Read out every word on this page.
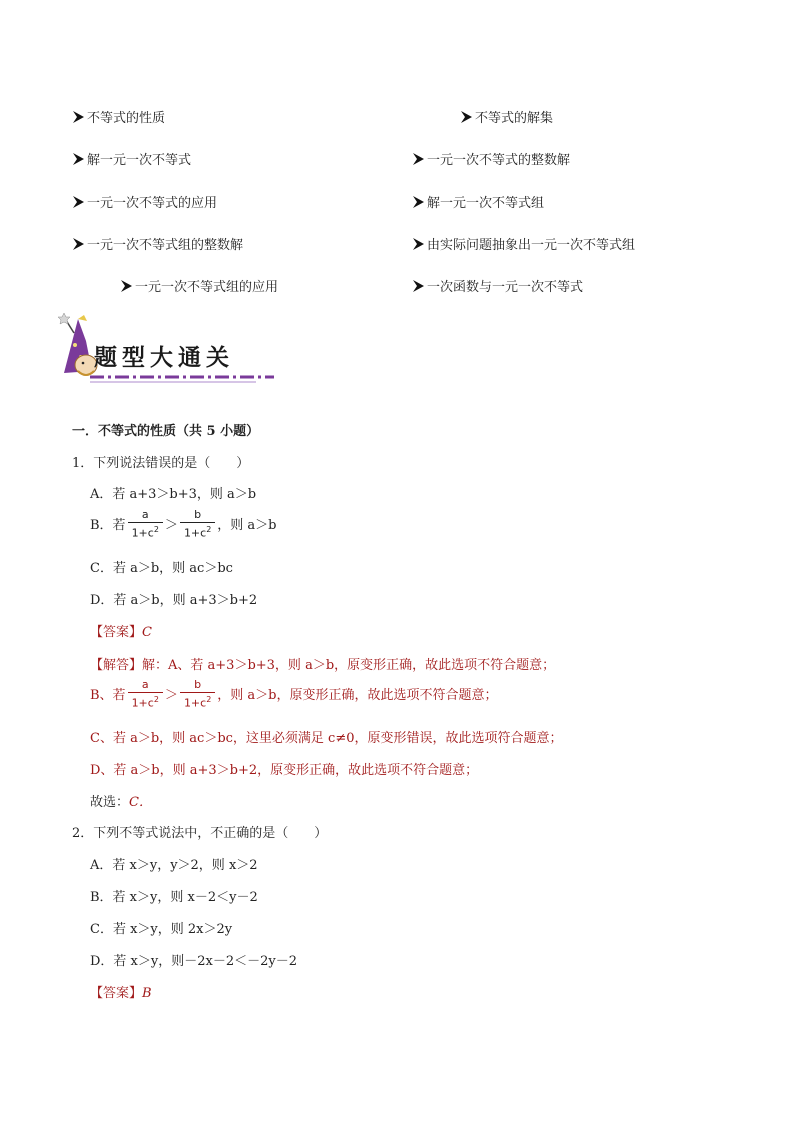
不等式的性质	不等式的解集
解一元一次不等式	一元一次不等式的整数解
一元一次不等式的应用	解一元一次不等式组
一元一次不等式组的整数解	由实际问题抽象出一元一次不等式组
一元一次不等式组的应用	一次函数与一元一次不等式
题型大通关
一．不等式的性质（共 5 小题）
1．下列说法错误的是（　　）
A．若 a+3＞b+3，则 a＞b
B．若 $\frac{a}{1+c^2} > \frac{b}{1+c^2}$ ，则 a＞b
C．若 a＞b，则 ac＞bc
D．若 a＞b，则 a+3＞b+2
【答案】C
【解答】解：A、若 a+3＞b+3，则 a＞b，原变形正确，故此选项不符合题意；
B、若 $\frac{a}{1+c^2} > \frac{b}{1+c^2}$ ，则 a＞b，原变形正确，故此选项不符合题意；
C、若 a＞b，则 ac＞bc，这里必须满足 c≠0，原变形错误，故此选项符合题意；
D、若 a＞b，则 a+3＞b+2，原变形正确，故此选项不符合题意；
故选：C．
2．下列不等式说法中，不正确的是（　　）
A．若 x＞y，y＞2，则 x＞2
B．若 x＞y，则 x－2＜y－2
C．若 x＞y，则 2x＞2y
D．若 x＞y，则－2x－2＜－2y－2
【答案】B
